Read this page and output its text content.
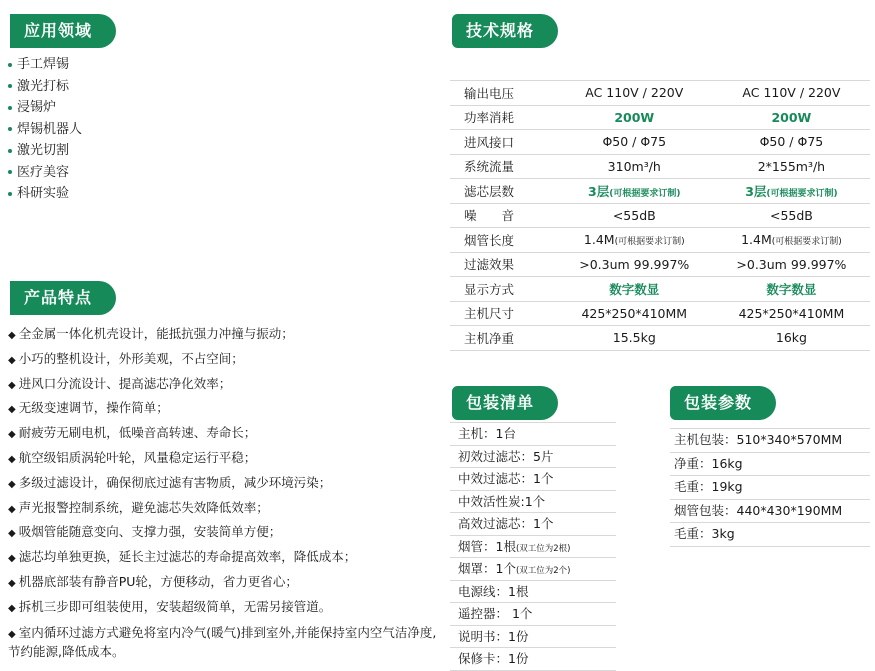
应用领域	技术规格
产品特点
包装清单	包装参数
手工焊锡
激光打标
浸锡炉
焊锡机器人
激光切割
医疗美容
科研实验
◆ 全金属一体化机壳设计，能抵抗强力冲撞与振动；
◆ 小巧的整机设计，外形美观，不占空间；
◆ 进风口分流设计、提高滤芯净化效率；
◆ 无级变速调节，操作简单；
◆ 耐疲劳无刷电机，低噪音高转速、寿命长；
◆ 航空级铝质涡轮叶轮，风量稳定运行平稳；
◆ 多级过滤设计，确保彻底过滤有害物质，减少环境污染；
◆ 声光报警控制系统，避免滤芯失效降低效率；
◆ 吸烟管能随意变向、支撑力强，安装简单方便；
◆ 滤芯均单独更换，延长主过滤芯的寿命提高效率，降低成本；
◆ 机器底部装有静音PU轮，方便移动，省力更省心；
◆ 拆机三步即可组装使用，安装超级简单，无需另接管道。
◆ 室内循环过滤方式避免将室内冷气(暖气)排到室外,并能保持室内空气洁净度,节约能源,降低成本。
输出电压	AC 110V / 220V	AC 110V / 220V
功率消耗	200W	200W
进风接口	Φ50 / Φ75	Φ50 / Φ75
系统流量	310m³/h	2*155m³/h
滤芯层数	3层(可根据要求订制)	3层(可根据要求订制)
噪　　音	<55dB	<55dB
烟管长度	1.4M(可根据要求订制)	1.4M(可根据要求订制)
过滤效果	>0.3um 99.997%	>0.3um 99.997%
显示方式	数字数显	数字数显
主机尺寸	425*250*410MM	425*250*410MM
主机净重	15.5kg	16kg
主机：1台
初效过滤芯：5片
中效过滤芯：1个
中效活性炭:1个
高效过滤芯：1个
烟管：1根(双工位为2根)
烟罩：1个(双工位为2个)
电源线：1根
遥控器： 1个
说明书：1份
保修卡：1份
主机包装：510*340*570MM
净重：16kg
毛重：19kg
烟管包装：440*430*190MM
毛重：3kg
